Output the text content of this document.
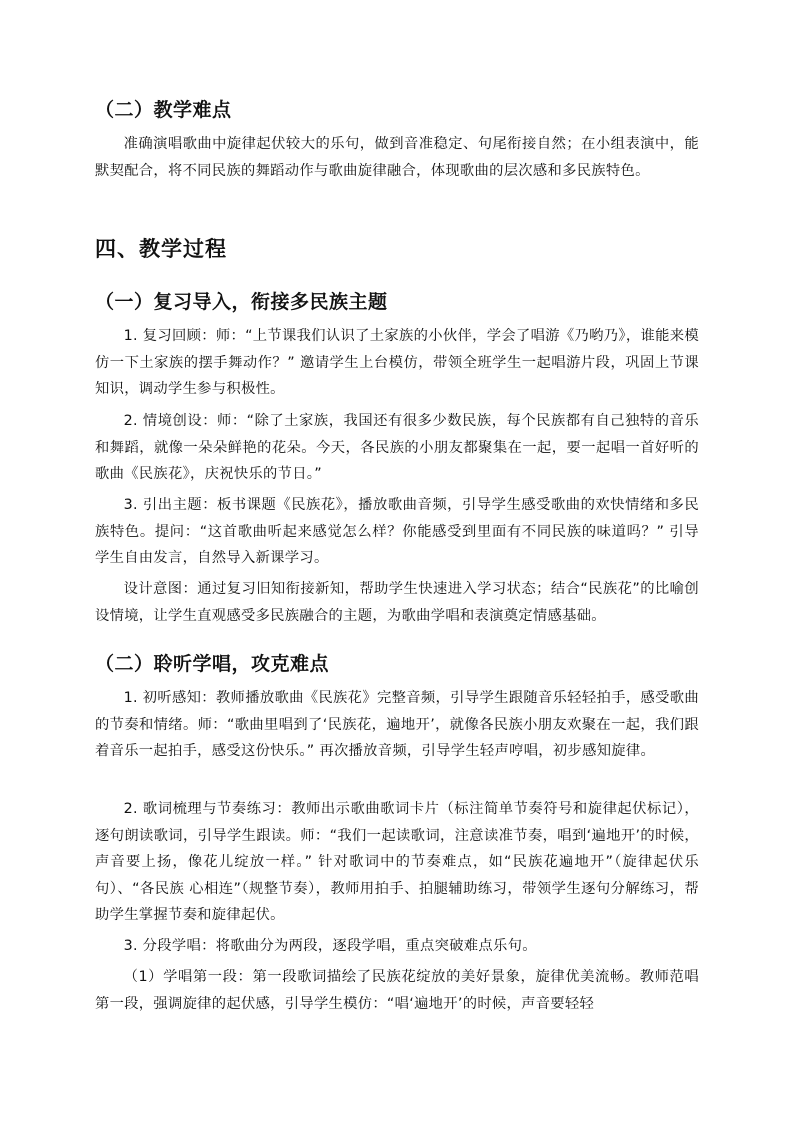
（二）教学难点

准确演唱歌曲中旋律起伏较大的乐句，做到音准稳定、句尾衔接自然；在小组表演中，能默契配合，将不同民族的舞蹈动作与歌曲旋律融合，体现歌曲的层次感和多民族特色。

四、教学过程
（一）复习导入，衔接多民族主题

1. 复习回顾：师：“上节课我们认识了土家族的小伙伴，学会了唱游《乃哟乃》，谁能来模仿一下土家族的摆手舞动作？” 邀请学生上台模仿，带领全班学生一起唱游片段，巩固上节课知识，调动学生参与积极性。

2. 情境创设：师：“除了土家族，我国还有很多少数民族，每个民族都有自己独特的音乐和舞蹈，就像一朵朵鲜艳的花朵。今天，各民族的小朋友都聚集在一起，要一起唱一首好听的歌曲《民族花》，庆祝快乐的节日。”

3. 引出主题：板书课题《民族花》，播放歌曲音频，引导学生感受歌曲的欢快情绪和多民族特色。提问：“这首歌曲听起来感觉怎么样？你能感受到里面有不同民族的味道吗？” 引导学生自由发言，自然导入新课学习。

设计意图：通过复习旧知衔接新知，帮助学生快速进入学习状态；结合“民族花”的比喻创设情境，让学生直观感受多民族融合的主题，为歌曲学唱和表演奠定情感基础。

（二）聆听学唱，攻克难点

1. 初听感知：教师播放歌曲《民族花》完整音频，引导学生跟随音乐轻轻拍手，感受歌曲的节奏和情绪。师：“歌曲里唱到了‘民族花，遍地开’，就像各民族小朋友欢聚在一起，我们跟着音乐一起拍手，感受这份快乐。” 再次播放音频，引导学生轻声哼唱，初步感知旋律。

2. 歌词梳理与节奏练习：教师出示歌曲歌词卡片（标注简单节奏符号和旋律起伏标记），逐句朗读歌词，引导学生跟读。师：“我们一起读歌词，注意读准节奏，唱到‘遍地开’的时候，声音要上扬，像花儿绽放一样。” 针对歌词中的节奏难点，如“民族花遍地开”（旋律起伏乐句）、“各民族 心相连”（规整节奏），教师用拍手、拍腿辅助练习，带领学生逐句分解练习，帮助学生掌握节奏和旋律起伏。

3. 分段学唱：将歌曲分为两段，逐段学唱，重点突破难点乐句。

（1）学唱第一段：第一段歌词描绘了民族花绽放的美好景象，旋律优美流畅。教师范唱第一段，强调旋律的起伏感，引导学生模仿：“唱‘遍地开’的时候，声音要轻轻
